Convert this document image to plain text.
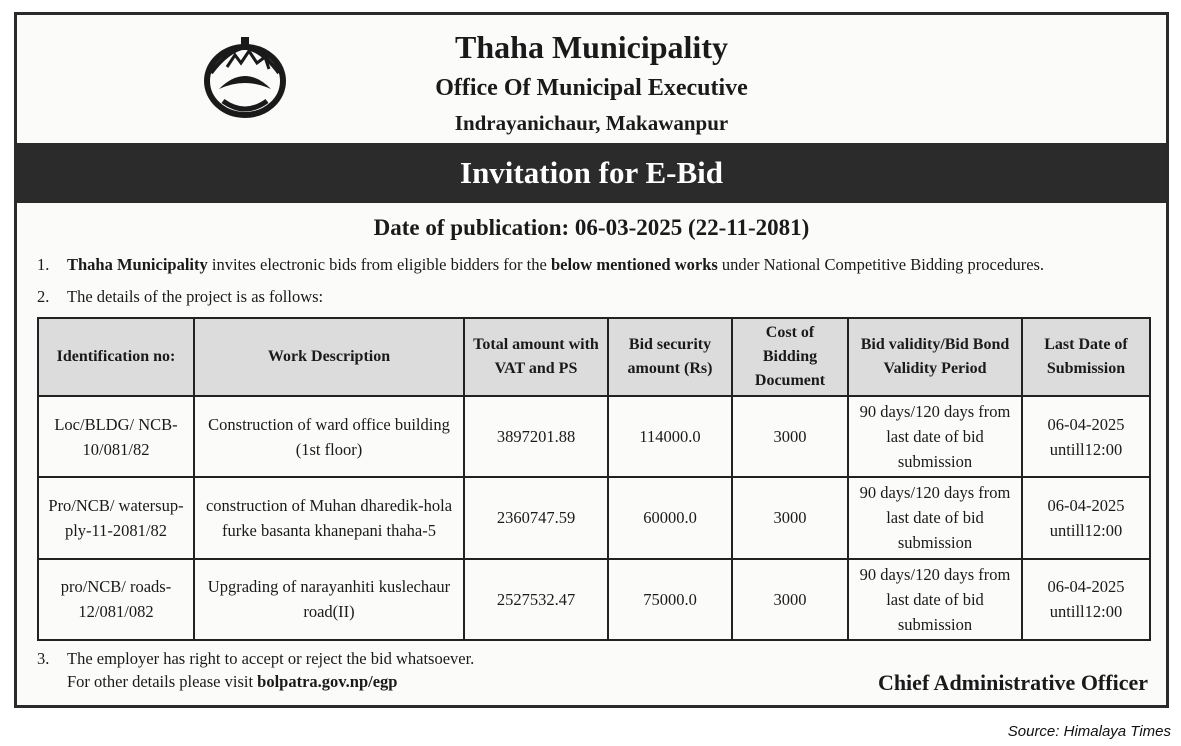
Thaha Municipality
Office Of Municipal Executive
Indrayanichaur, Makawanpur
Invitation for E-Bid
Date of publication: 06-03-2025 (22-11-2081)
1. Thaha Municipality invites electronic bids from eligible bidders for the below mentioned works under National Competitive Bidding procedures.
2. The details of the project is as follows:
Identification no:	Work Description	Total amount with VAT and PS	Bid security amount (Rs)	Cost of Bidding Document	Bid validity/Bid Bond Validity Period	Last Date of Submission
Loc/BLDG/ NCB-10/081/82	Construction of ward office building (1st floor)	3897201.88	114000.0	3000	90 days/120 days from last date of bid submission	06-04-2025 untill12:00
Pro/NCB/ watersup- ply-11-2081/82	construction of Muhan dharedik-hola furke basanta khanepani thaha-5	2360747.59	60000.0	3000	90 days/120 days from last date of bid submission	06-04-2025 untill12:00
pro/NCB/ roads-12/081/082	Upgrading of narayanhiti kuslechaur road(II)	2527532.47	75000.0	3000	90 days/120 days from last date of bid submission	06-04-2025 untill12:00
3. The employer has right to accept or reject the bid whatsoever.
For other details please visit bolpatra.gov.np/egp	Chief Administrative Officer
Source: Himalaya Times
